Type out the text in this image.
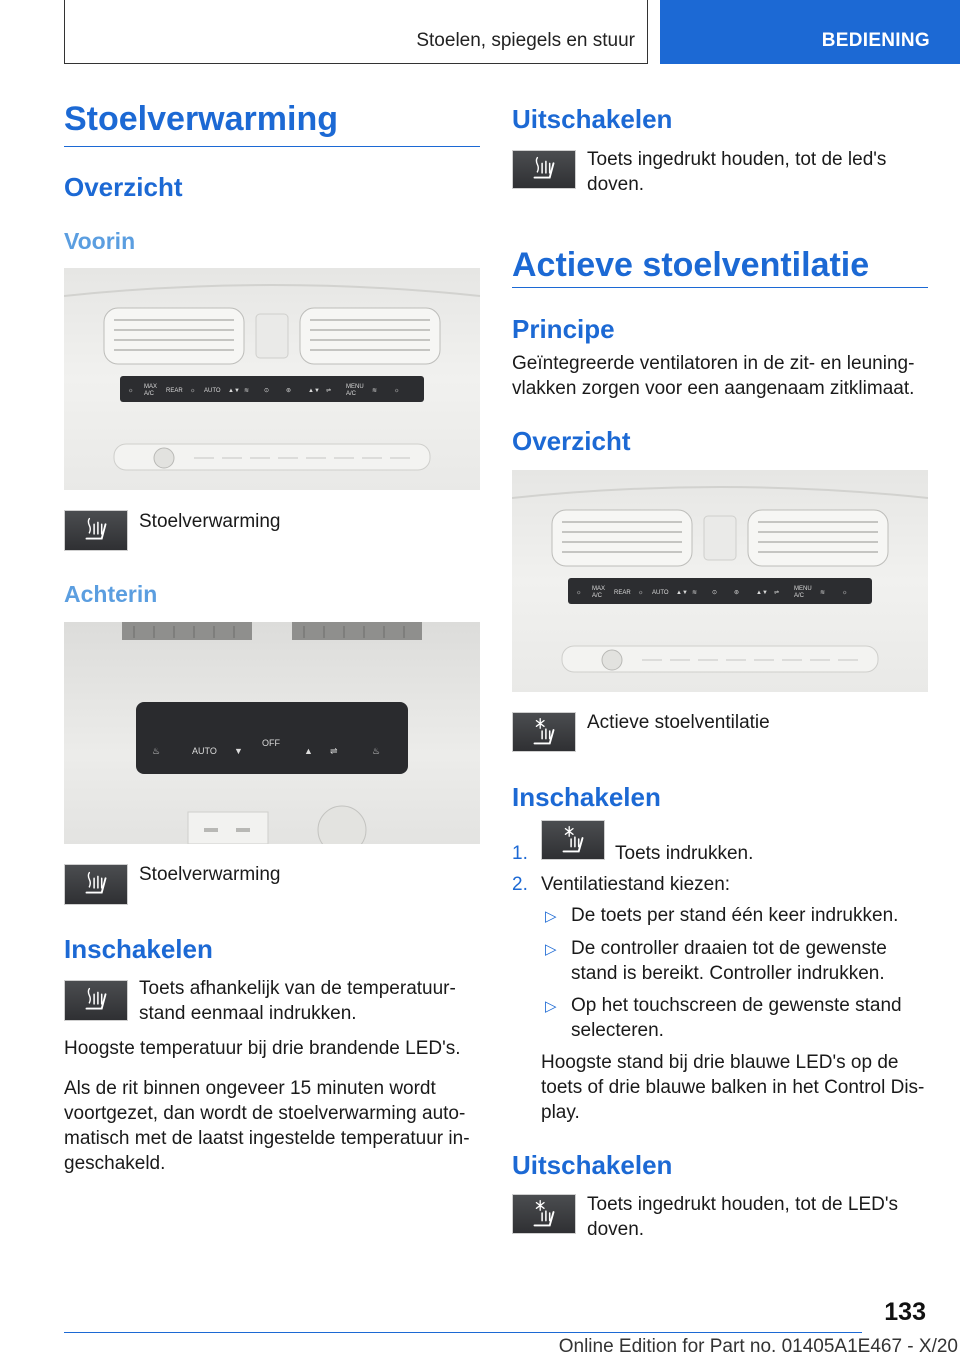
Stoelen, spiegels en stuur	BEDIENING
Stoelverwarming
Overzicht
Voorin
☼
MAX
A/C REAR ☼ AUTO ▲▼ ≋ ⊙	⊛	▲▼ ⇌
MENU
A/C	≋	☼
Stoelverwarming
Achterin
♨	AUTO ▼
OFF
▲ ⇌	♨
Stoelverwarming
Inschakelen
Toets afhankelijk van de temperatuur-
stand eenmaal indrukken.
Hoogste temperatuur bij drie brandende LED's.
Als de rit binnen ongeveer 15 minuten wordt
voortgezet, dan wordt de stoelverwarming auto-
matisch met de laatst ingestelde temperatuur in-
geschakeld.
Uitschakelen
Toets ingedrukt houden, tot de led's
doven.
Actieve stoelventilatie
Principe
Geïntegreerde ventilatoren in de zit- en leuning-
vlakken zorgen voor een aangenaam zitklimaat.
Overzicht
☼
MAX
A/C REAR ☼ AUTO ▲▼ ≋ ⊙	⊛	▲▼ ⇌
MENU
A/C	≋	☼
Actieve stoelventilatie
Inschakelen
1.	Toets indrukken.
2. Ventilatiestand kiezen:
▷ De toets per stand één keer indrukken.
▷ De controller draaien tot de gewenste
stand is bereikt. Controller indrukken.
▷ Op het touchscreen de gewenste stand
selecteren.
Hoogste stand bij drie blauwe LED's op de
toets of drie blauwe balken in het Control Dis-
play.
Uitschakelen
Toets ingedrukt houden, tot de LED's
doven.
133
Online Edition for Part no. 01405A1E467 - X/20
